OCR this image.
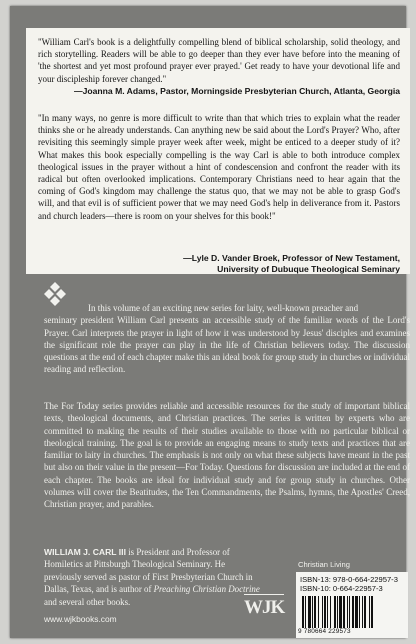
"William Carl's book is a delightfully compelling blend of biblical scholarship, solid theology, and rich storytelling. Readers will be able to go deeper than they ever have before into the meaning of 'the shortest and yet most profound prayer ever prayed.' Get ready to have your devotional life and your discipleship forever changed."
—Joanna M. Adams, Pastor, Morningside Presbyterian Church, Atlanta, Georgia
"In many ways, no genre is more difficult to write than that which tries to explain what the reader thinks she or he already understands. Can anything new be said about the Lord's Prayer? Who, after revisiting this seemingly simple prayer week after week, might be enticed to a deeper study of it? What makes this book especially compelling is the way Carl is able to both introduce complex theological issues in the prayer without a hint of condescension and confront the reader with its radical but often overlooked implications. Contemporary Christians need to hear again that the coming of God's kingdom may challenge the status quo, that we may not be able to grasp God's will, and that evil is of sufficient power that we may need God's help in deliverance from it. Pastors and church leaders—there is room on your shelves for this book!"
—Lyle D. Vander Broek, Professor of New Testament,
University of Dubuque Theological Seminary
In this volume of an exciting new series for laity, well-known preacher and
seminary president William Carl presents an accessible study of the familiar words of the Lord's Prayer. Carl interprets the prayer in light of how it was understood by Jesus' disciples and examines the significant role the prayer can play in the life of Christian believers today. The discussion questions at the end of each chapter make this an ideal book for group study in churches or individual reading and reflection.
The For Today series provides reliable and accessible resources for the study of important biblical texts, theological documents, and Christian practices. The series is written by experts who are committed to making the results of their studies available to those with no particular biblical or theological training. The goal is to provide an engaging means to study texts and practices that are familiar to laity in churches. The emphasis is not only on what these subjects have meant in the past but also on their value in the present—For Today. Questions for discussion are included at the end of each chapter. The books are ideal for individual study and for group study in churches. Other volumes will cover the Beatitudes, the Ten Commandments, the Psalms, hymns, the Apostles' Creed, Christian prayer, and parables.
WILLIAM J. CARL III is President and Professor of Homiletics at Pittsburgh Theological Seminary. He previously served as pastor of First Presbyterian Church in Dallas, Texas, and is author of Preaching Christian Doctrine and several other books.
www.wjkbooks.com
WJK
Christian Living
ISBN-13: 978-0-664-22957-3
ISBN-10: 0-664-22957-3
9 780664 229573
